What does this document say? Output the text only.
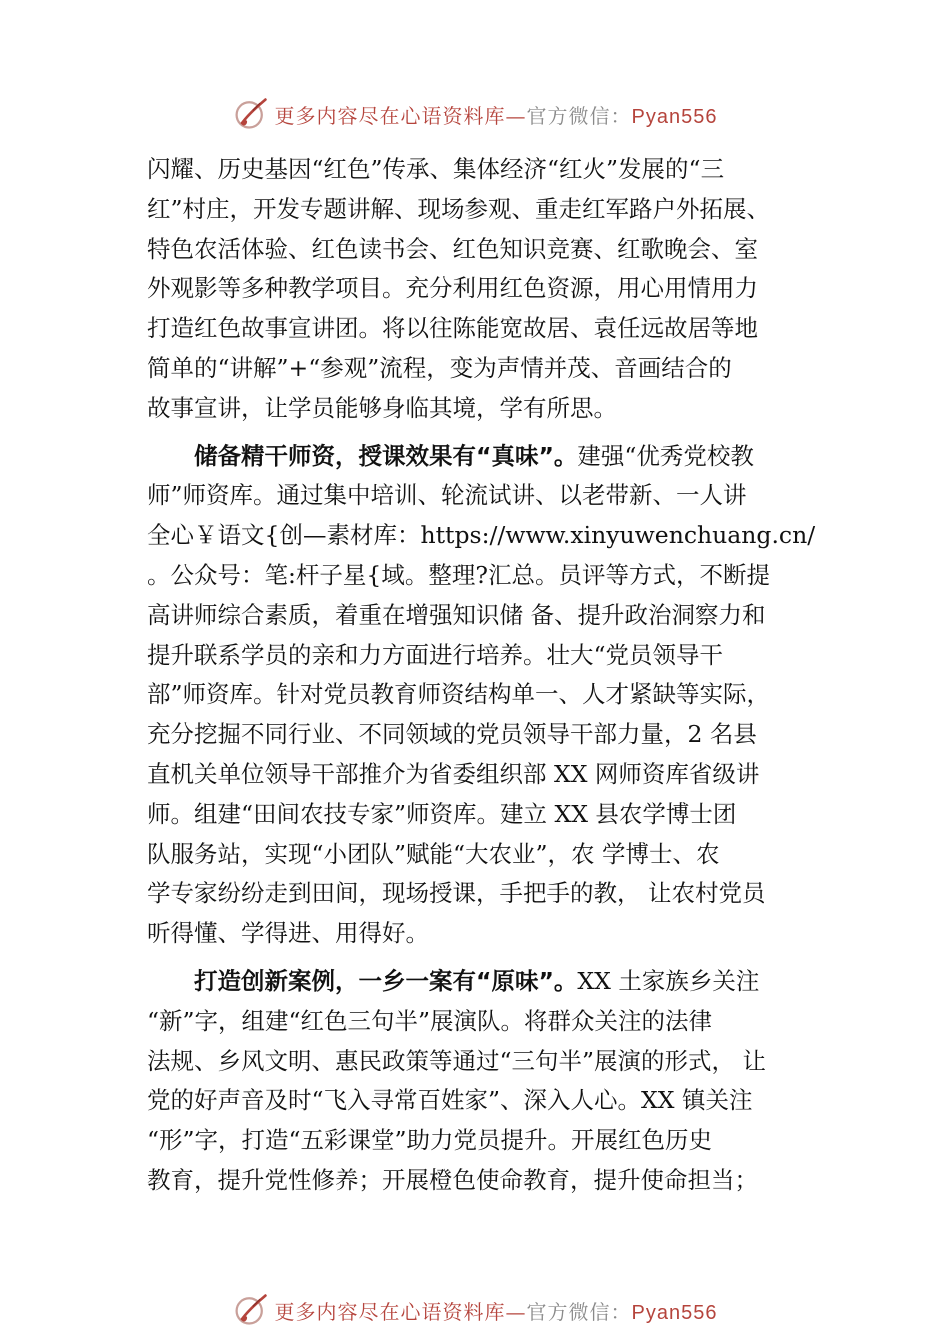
更多内容尽在心语资料库—官方微信：Pyan556
闪耀、历史基因“红色”传承、集体经济“红火”发展的“三
红”村庄，开发专题讲解、现场参观、重走红军路户外拓展、
特色农活体验、红色读书会、红色知识竞赛、红歌晚会、室
外观影等多种教学项目。充分利用红色资源，用心用情用力
打造红色故事宣讲团。将以往陈能宽故居、袁任远故居等地
简单的“讲解”+“参观”流程，变为声情并茂、音画结合的
故事宣讲，让学员能够身临其境，学有所思。
储备精干师资，授课效果有“真味”。建强“优秀党校教
师”师资库。通过集中培训、轮流试讲、以老带新、一人讲
全心￥语文{创—素材库：https://www.xinyuwenchuang.cn/
。公众号：笔:杆子星{域。整理?汇总。员评等方式，不断提
高讲师综合素质，着重在增强知识储 备、提升政治洞察力和
提升联系学员的亲和力方面进行培养。壮大“党员领导干
部”师资库。针对党员教育师资结构单一、人才紧缺等实际，
充分挖掘不同行业、不同领域的党员领导干部力量，2 名县
直机关单位领导干部推介为省委组织部 XX 网师资库省级讲
师。组建“田间农技专家”师资库。建立 XX 县农学博士团
队服务站，实现“小团队”赋能“大农业”，农 学博士、农
学专家纷纷走到田间，现场授课，手把手的教， 让农村党员
听得懂、学得进、用得好。
打造创新案例，一乡一案有“原味”。XX 土家族乡关注
“新”字，组建“红色三句半”展演队。将群众关注的法律
法规、乡风文明、惠民政策等通过“三句半”展演的形式， 让
党的好声音及时“飞入寻常百姓家”、深入人心。XX 镇关注
“形”字，打造“五彩课堂”助力党员提升。开展红色历史
教育，提升党性修养；开展橙色使命教育，提升使命担当；
更多内容尽在心语资料库—官方微信：Pyan556
